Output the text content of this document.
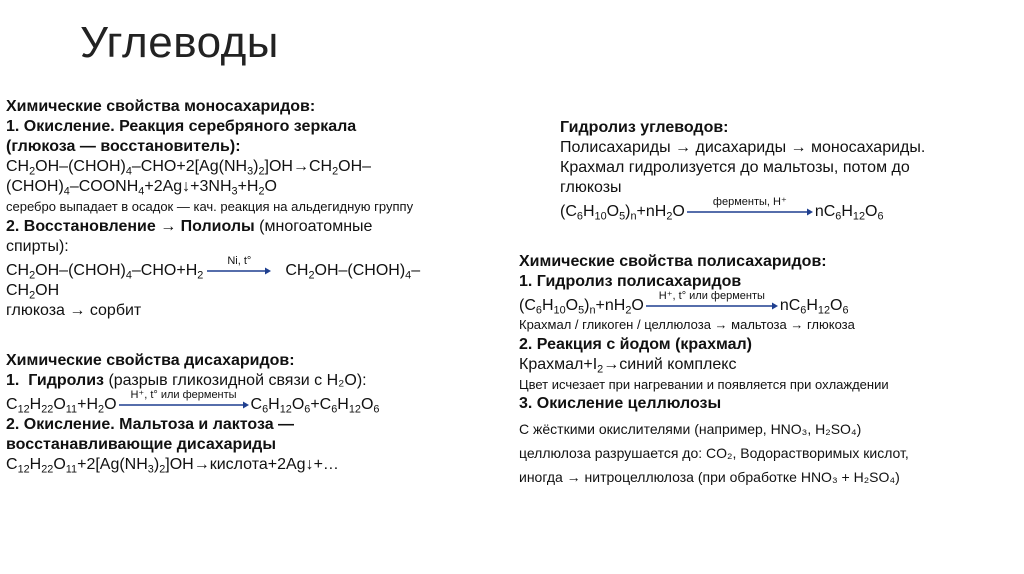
Углеводы
Химические свойства моносахаридов:
1. Окисление. Реакция серебряного зеркала
(глюкоза — восстановитель):
$CH_2OH-(CHOH)_4-CHO+2[Ag(NH_3)_2]OH\to CH_2OH-$
$(CHOH)_4-COONH_4+2Ag↓+3NH_3+H_2O$
серебро выпадает в осадок — кач. реакция на альдегидную группу
2. Восстановление → Полиолы (многоатомные
спирты):
$CH_2OH-(CHOH)_4-CHO+H_2$
Ni, t°
$CH_2OH-(CHOH)_4-$
$CH_2OH$
глюкоза → сорбит
Химические свойства дисахаридов:
1. Гидролиз (разрыв гликозидной связи с H₂O):
$C_{12}H_{22}O_{11}+H_2O$
H⁺, t° или ферменты
$C_6H_{12}O_6+C_6H_{12}O_6$
2. Окисление. Мальтоза и лактоза —
восстанавливающие дисахариды
$C_{12}H_{22}O_{11}+2[Ag(NH_3)_2]OH\to кислота+2Ag↓+\dots$
Гидролиз углеводов:
Полисахариды → дисахариды → моносахариды.
Крахмал гидролизуется до мальтозы, потом до
глюкозы
$(C_6H_{10}O_5)_n+nH_2O$
ферменты, H⁺
$nC_6H_{12}O_6$
Химические свойства полисахаридов:
1. Гидролиз полисахаридов
$(C_6H_{10}O_5)_n+nH_2O$
H⁺, t° или ферменты
$nC_6H_{12}O_6$
Крахмал / гликоген / целлюлоза → мальтоза → глюкоза
2. Реакция с йодом (крахмал)
$Крахмал+I_2\to синий$ комплекс
Цвет исчезает при нагревании и появляется при охлаждении
3. Окисление целлюлозы
С жёсткими окислителями (например, HNO₃, H₂SO₄)
целлюлоза разрушается до: CO₂, Водорастворимых кислот,
иногда → нитроцеллюлоза (при обработке HNO₃ + H₂SO₄)
